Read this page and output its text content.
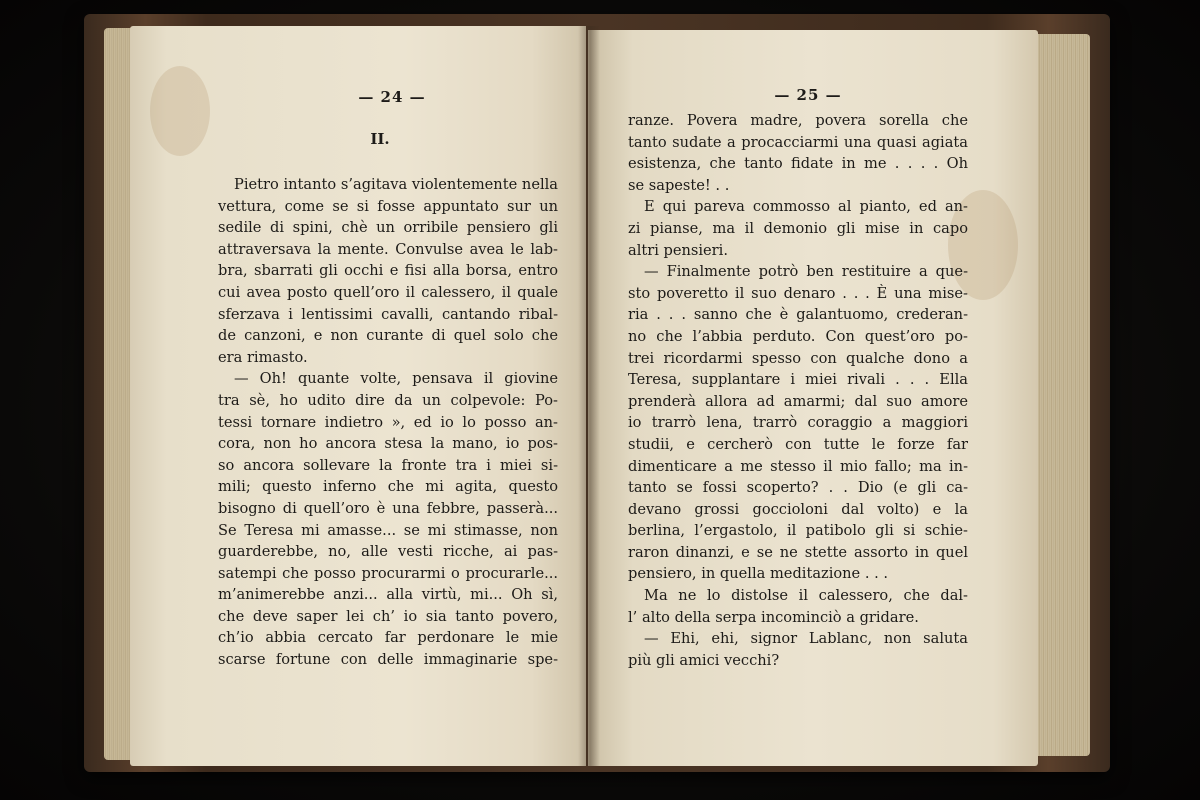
— 24 —
II.
Pietro intanto s’agitava violentemente nella
vettura, come se si fosse appuntato sur un
sedile di spini, chè un orribile pensiero gli
attraversava la mente. Convulse avea le lab-
bra, sbarrati gli occhi e fisi alla borsa, entro
cui avea posto quell’oro il calessero, il quale
sferzava i lentissimi cavalli, cantando ribal-
de canzoni, e non curante di quel solo che
era rimasto.
— Oh! quante volte, pensava il giovine
tra sè, ho udito dire da un colpevole: Po-
tessi tornare indietro », ed io lo posso an-
cora, non ho ancora stesa la mano, io pos-
so ancora sollevare la fronte tra i miei si-
mili; questo inferno che mi agita, questo
bisogno di quell’oro è una febbre, passerà...
Se Teresa mi amasse... se mi stimasse, non
guarderebbe, no, alle vesti ricche, ai pas-
satempi che posso procurarmi o procurarle...
m’animerebbe anzi... alla virtù, mi... Oh sì,
che deve saper lei ch’ io sia tanto povero,
ch’io abbia cercato far perdonare le mie
scarse fortune con delle immaginarie spe-
— 25 —
ranze. Povera madre, povera sorella che
tanto sudate a procacciarmi una quasi agiata
esistenza, che tanto fidate in me . . . . Oh
se sapeste! . .
E qui pareva commosso al pianto, ed an-
zi pianse, ma il demonio gli mise in capo
altri pensieri.
— Finalmente potrò ben restituire a que-
sto poveretto il suo denaro . . . È una mise-
ria . . . sanno che è galantuomo, crederan-
no che l’abbia perduto. Con quest’oro po-
trei ricordarmi spesso con qualche dono a
Teresa, supplantare i miei rivali . . . Ella
prenderà allora ad amarmi; dal suo amore
io trarrò lena, trarrò coraggio a maggiori
studii, e cercherò con tutte le forze far
dimenticare a me stesso il mio fallo; ma in-
tanto se fossi scoperto? . . Dio (e gli ca-
devano grossi goccioloni dal volto) e la
berlina, l’ergastolo, il patibolo gli si schie-
raron dinanzi, e se ne stette assorto in quel
pensiero, in quella meditazione . . .
Ma ne lo distolse il calessero, che dal-
l’ alto della serpa incominciò a gridare.
— Ehi, ehi, signor Lablanc, non saluta
più gli amici vecchi?
